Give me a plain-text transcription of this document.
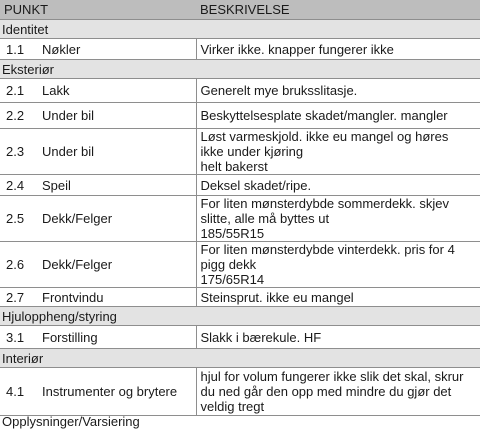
PUNKT		BESKRIVELSE
Identitet		
1.1	Nøkler	Virker ikke. knapper fungerer ikke

Eksteriør		
2.1	Lakk	Generelt mye bruksslitasje.

2.2	Under bil	Beskyttelsesplate skadet/mangler. mangler

2.3	Under bil	Løst varmeskjold. ikke eu mangel og høres
ikke under kjøring
helt bakerst

2.4	Speil	Deksel skadet/ripe.

2.5	Dekk/Felger	For liten mønsterdybde sommerdekk. skjev
slitte, alle må byttes ut
185/55R15

2.6	Dekk/Felger	For liten mønsterdybde vinterdekk. pris for 4
pigg dekk
175/65R14

2.7	Frontvindu	Steinsprut. ikke eu mangel

Hjuloppheng/styring		
3.1	Forstilling	Slakk i bærekule. HF

Interiør		
4.1	Instrumenter og brytere	hjul for volum fungerer ikke slik det skal, skrur
du ned går den opp med mindre du gjør det
veldig tregt
Opplysninger/Varsiering
